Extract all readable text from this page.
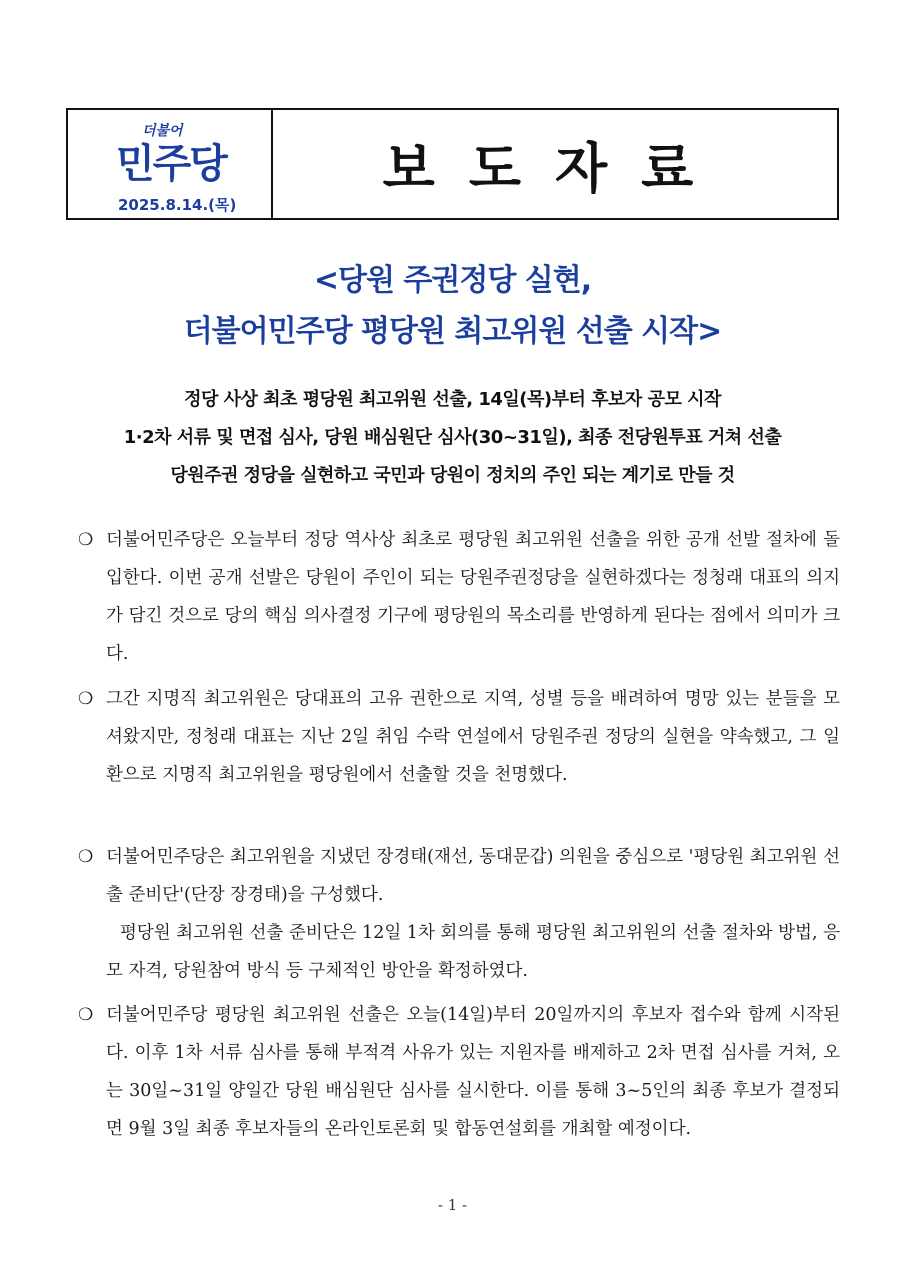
더불어
민주당
2025.8.14.(목)
보도자료
<당원 주권정당 실현,
더불어민주당 평당원 최고위원 선출 시작>
정당 사상 최초 평당원 최고위원 선출, 14일(목)부터 후보자 공모 시작
1·2차 서류 및 면접 심사, 당원 배심원단 심사(30~31일), 최종 전당원투표 거쳐 선출
당원주권 정당을 실현하고 국민과 당원이 정치의 주인 되는 계기로 만들 것
❍ 더불어민주당은 오늘부터 정당 역사상 최초로 평당원 최고위원 선출을 위한 공개 선발 절차에 돌입한다. 이번 공개 선발은 당원이 주인이 되는 당원주권정당을 실현하겠다는 정청래 대표의 의지가 담긴 것으로 당의 핵심 의사결정 기구에 평당원의 목소리를 반영하게 된다는 점에서 의미가 크다.
❍ 그간 지명직 최고위원은 당대표의 고유 권한으로 지역, 성별 등을 배려하여 명망 있는 분들을 모셔왔지만, 정청래 대표는 지난 2일 취임 수락 연설에서 당원주권 정당의 실현을 약속했고, 그 일환으로 지명직 최고위원을 평당원에서 선출할 것을 천명했다.
❍ 더불어민주당은 최고위원을 지냈던 장경태(재선, 동대문갑) 의원을 중심으로 '평당원 최고위원 선출 준비단'(단장 장경태)을 구성했다.
평당원 최고위원 선출 준비단은 12일 1차 회의를 통해 평당원 최고위원의 선출 절차와 방법, 응모 자격, 당원참여 방식 등 구체적인 방안을 확정하였다.
❍ 더불어민주당 평당원 최고위원 선출은 오늘(14일)부터 20일까지의 후보자 접수와 함께 시작된다. 이후 1차 서류 심사를 통해 부적격 사유가 있는 지원자를 배제하고 2차 면접 심사를 거쳐, 오는 30일~31일 양일간 당원 배심원단 심사를 실시한다. 이를 통해 3~5인의 최종 후보가 결정되면 9월 3일 최종 후보자들의 온라인토론회 및 합동연설회를 개최할 예정이다.
- 1 -
